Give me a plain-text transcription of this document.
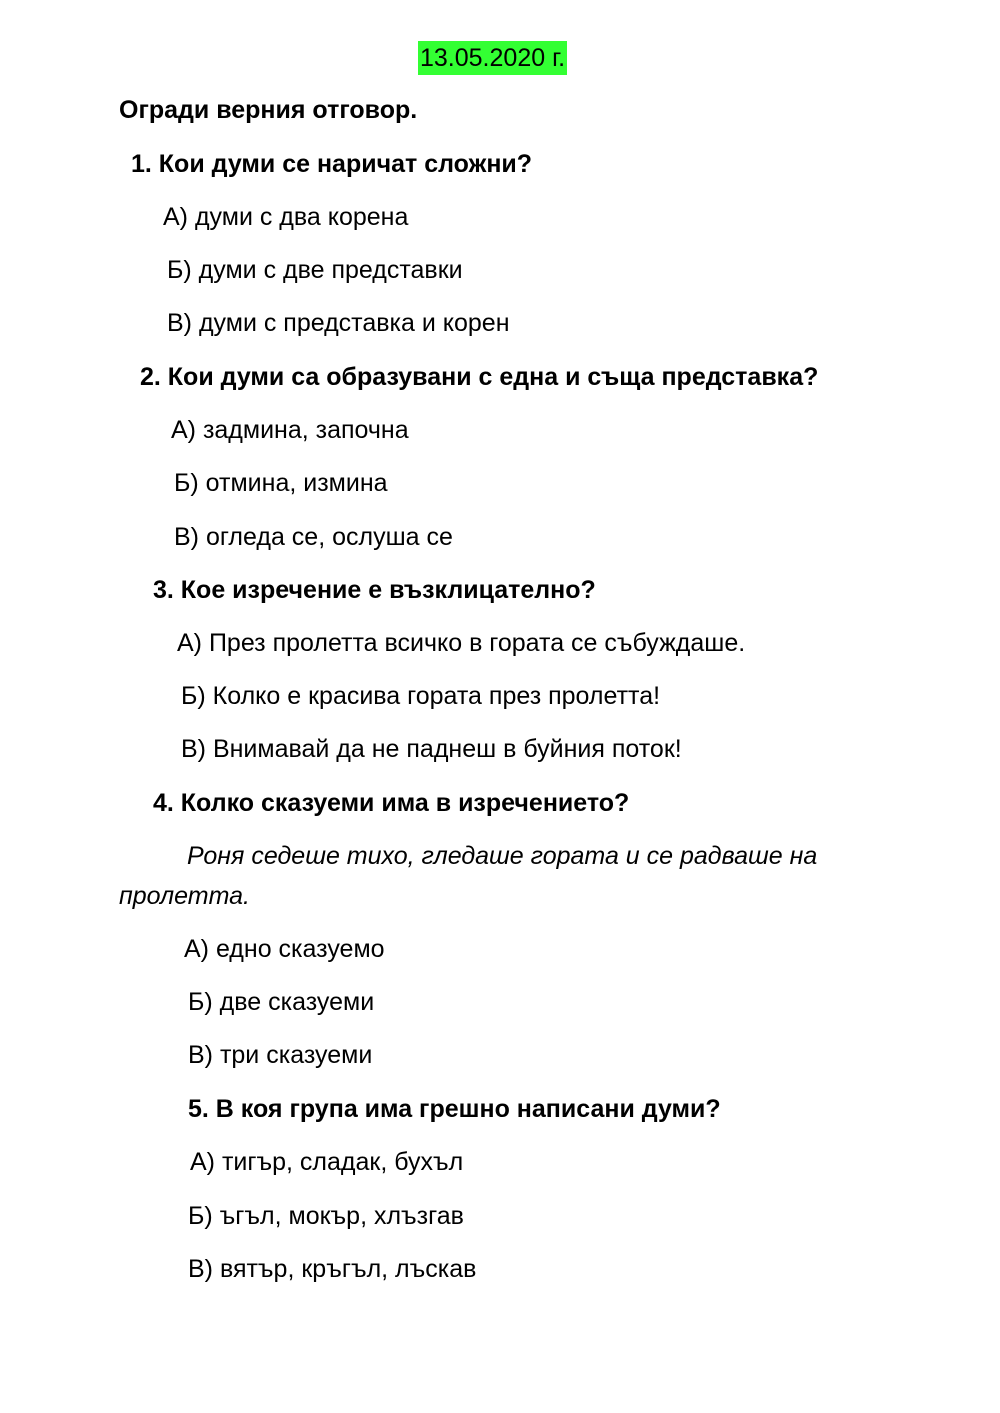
13.05.2020 г.
Огради верния отговор.
1. Кои думи се наричат сложни?
А) думи с два корена
Б) думи с две представки
В) думи с представка и корен
2. Кои думи са образувани с една и съща представка?
А) задмина, започна
Б) отмина, измина
В) огледа се, ослуша се
3. Кое изречение е възклицателно?
А) През пролетта всичко в гората се събуждаше.
Б) Колко е красива гората през пролетта!
В) Внимавай да не паднеш в буйния поток!
4. Колко сказуеми има в изречението?
Роня седеше тихо, гледаше гората и се радваше на
пролетта.
А) едно сказуемо
Б) две сказуеми
В) три сказуеми
5. В коя група има грешно написани думи?
А) тигър, сладак, бухъл
Б) ъгъл, мокър, хлъзгав
В) вятър, кръгъл, лъскав
